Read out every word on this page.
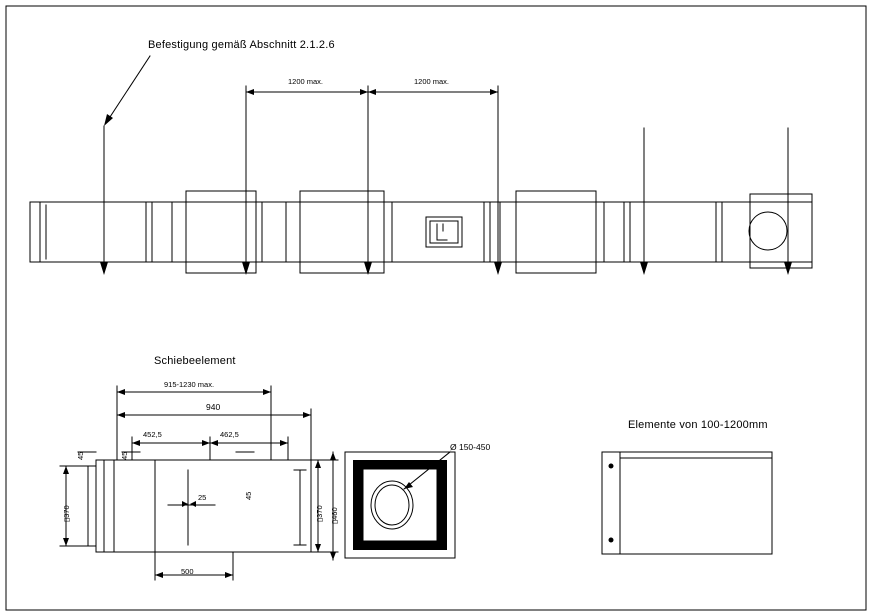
Befestigung gemäß Abschnitt 2.1.2.6
1200 max.	1200 max.
Schiebeelement
915-1230 max.
940
452,5	462,5
25
500
45	45
45
▯370
▯370
▯460
Ø 150-450
Elemente von 100-1200mm
